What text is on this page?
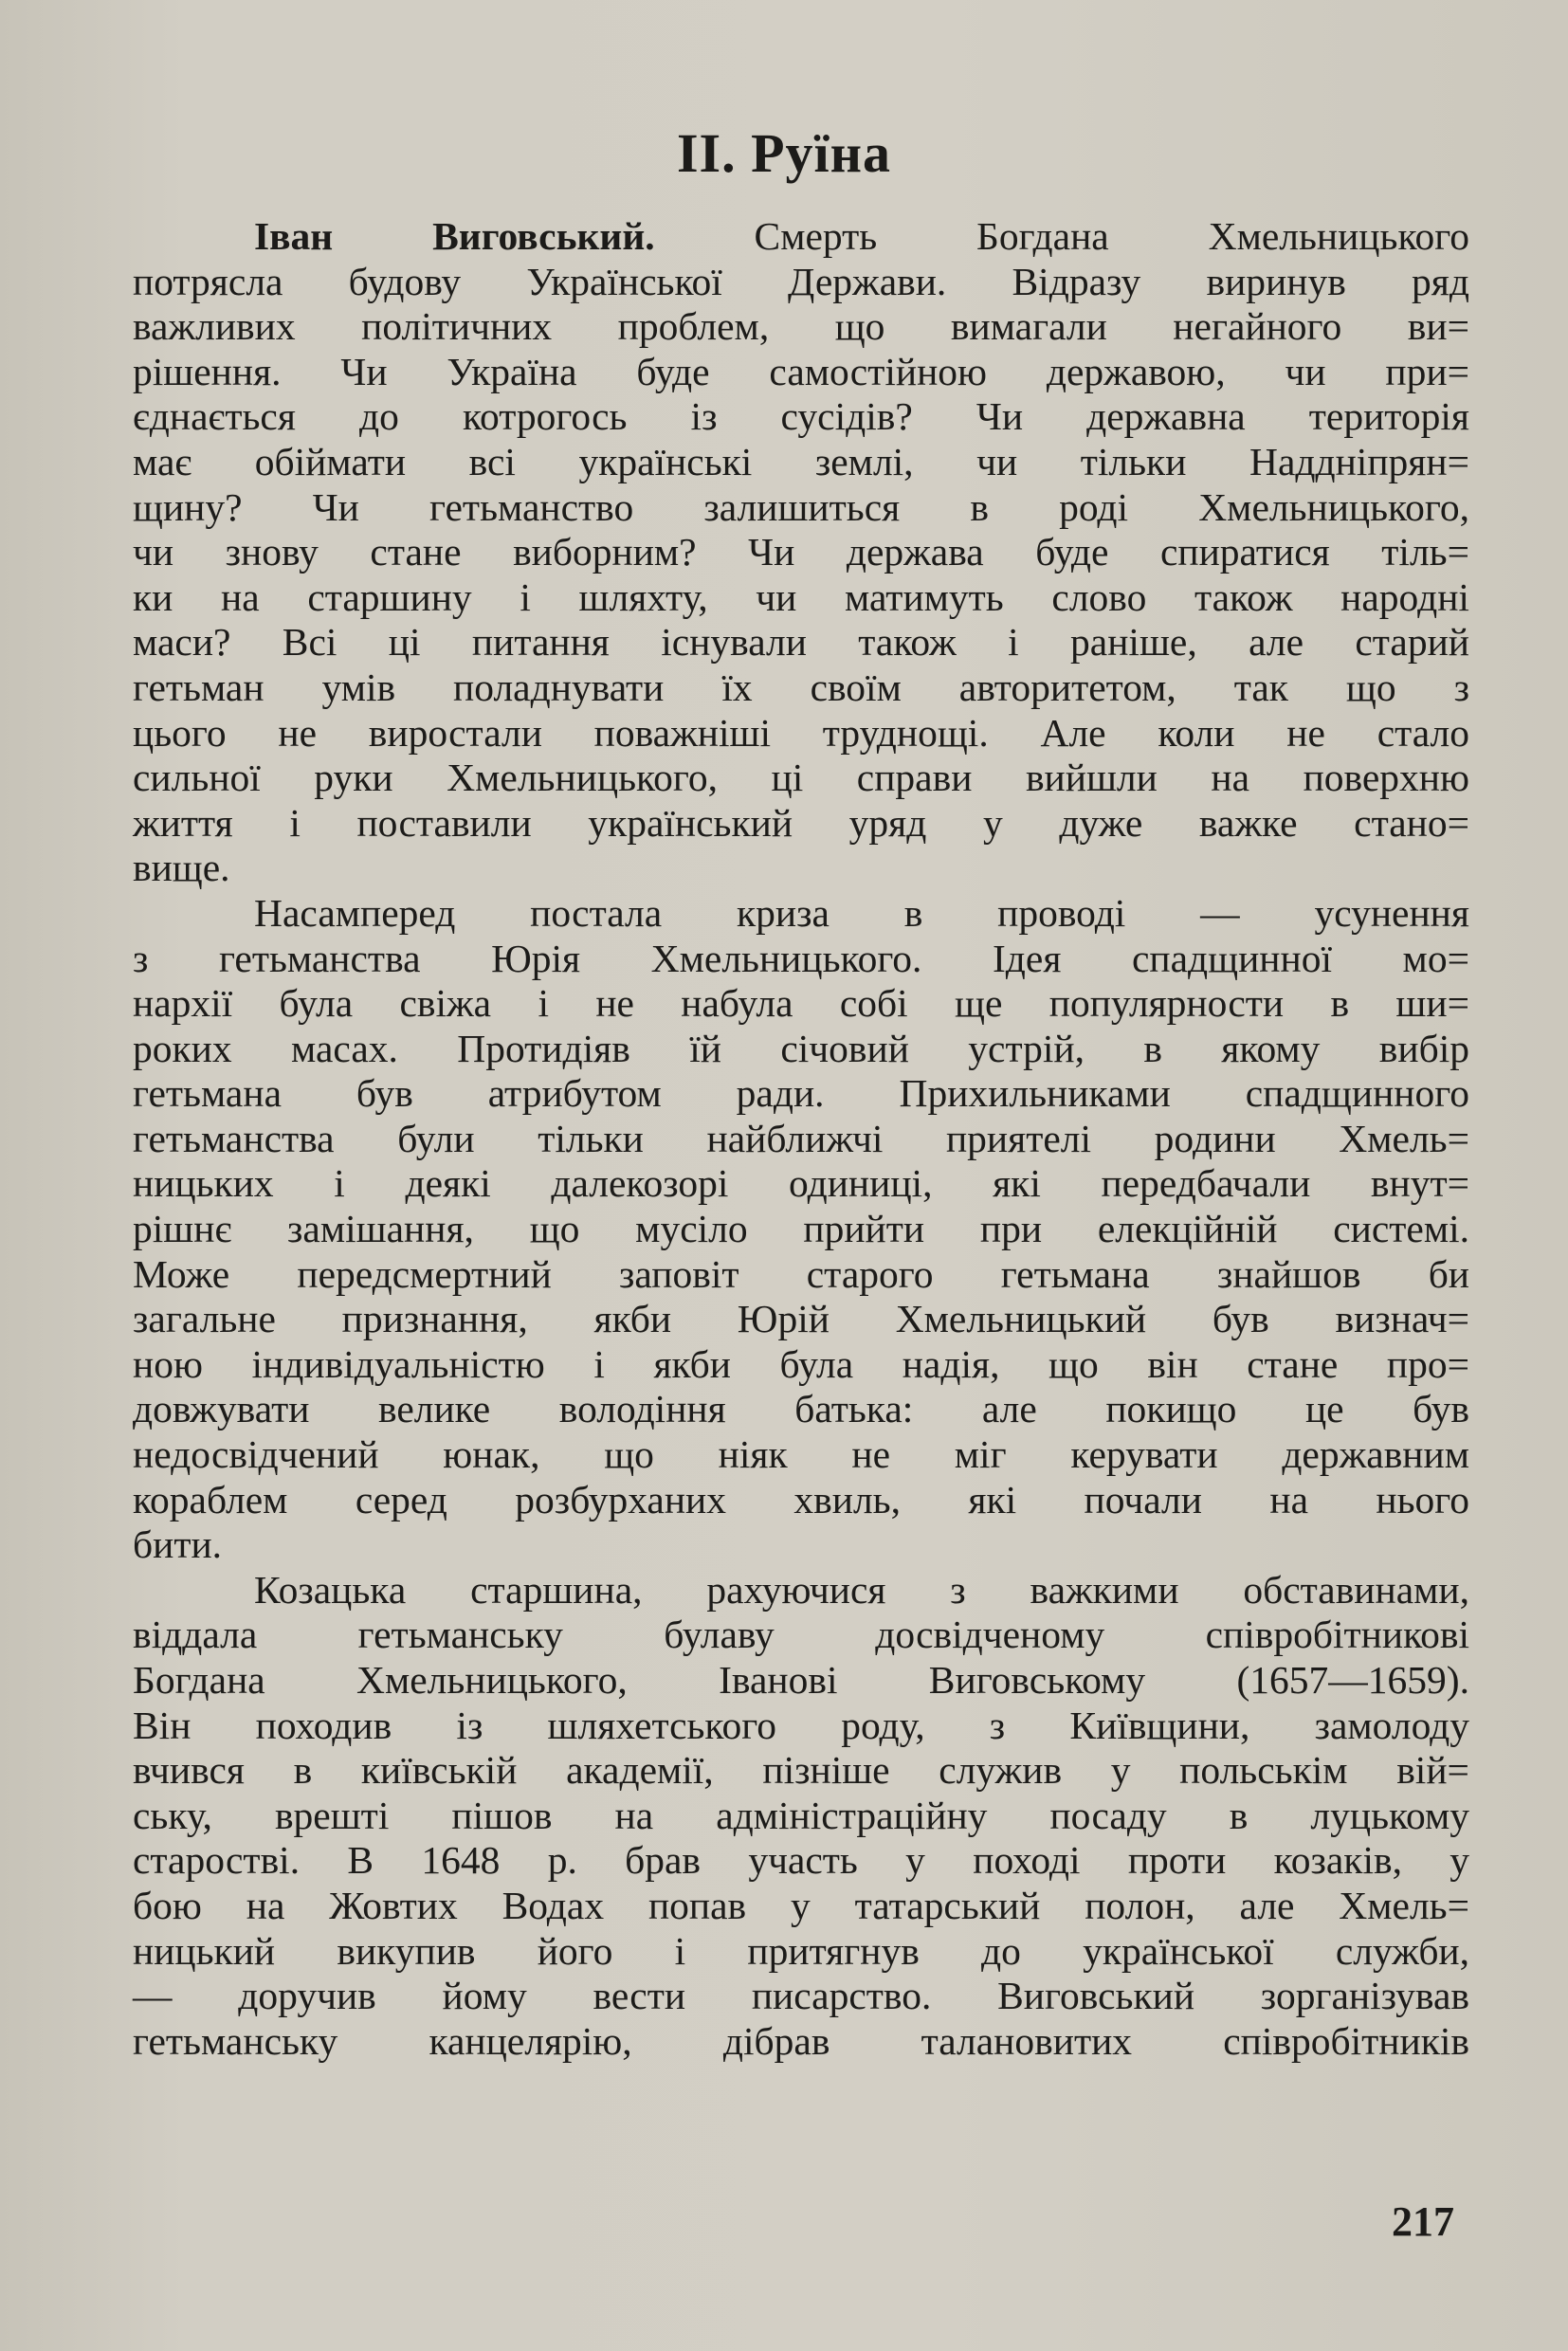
II. Руїна
Іван Виговський. Смерть Богдана Хмельницького
потрясла будову Української Держави. Відразу виринув ряд
важливих політичних проблем, що вимагали негайного ви=
рішення. Чи Україна буде самостійною державою, чи при=
єднається до котрогось із сусідів? Чи державна територія
має обіймати всі українські землі, чи тільки Наддніпрян=
щину? Чи гетьманство залишиться в роді Хмельницького,
чи знову стане виборним? Чи держава буде спиратися тіль=
ки на старшину і шляхту, чи матимуть слово також народні
маси? Всі ці питання існували також і раніше, але старий
гетьман умів поладнувати їх своїм авторитетом, так що з
цього не виростали поважніші труднощі. Але коли не стало
сильної руки Хмельницького, ці справи вийшли на поверхню
життя і поставили український уряд у дуже важке стано=
вище.
Насамперед постала криза в проводі — усунення
з гетьманства Юрія Хмельницького. Ідея спадщинної мо=
нархії була свіжа і не набула собі ще популярности в ши=
роких масах. Протидіяв їй січовий устрій, в якому вибір
гетьмана був атрибутом ради. Прихильниками спадщинного
гетьманства були тільки найближчі приятелі родини Хмель=
ницьких і деякі далекозорі одиниці, які передбачали внут=
рішнє замішання, що мусіло прийти при елекційній системі.
Може передсмертний заповіт старого гетьмана знайшов би
загальне признання, якби Юрій Хмельницький був визнач=
ною індивідуальністю і якби була надія, що він стане про=
довжувати велике володіння батька: але покищо це був
недосвідчений юнак, що ніяк не міг керувати державним
кораблем серед розбурханих хвиль, які почали на нього
бити.
Козацька старшина, рахуючися з важкими обставинами,
віддала гетьманську булаву досвідченому співробітникові
Богдана Хмельницького, Іванові Виговському (1657—1659).
Він походив із шляхетського роду, з Київщини, замолоду
вчився в київській академії, пізніше служив у польськім вій=
ську, врешті пішов на адміністраційну посаду в луцькому
старостві. В 1648 р. брав участь у поході проти козаків, у
бою на Жовтих Водах попав у татарський полон, але Хмель=
ницький викупив його і притягнув до української служби,
— доручив йому вести писарство. Виговський зорганізував
гетьманську канцелярію, дібрав талановитих співробітників
217
